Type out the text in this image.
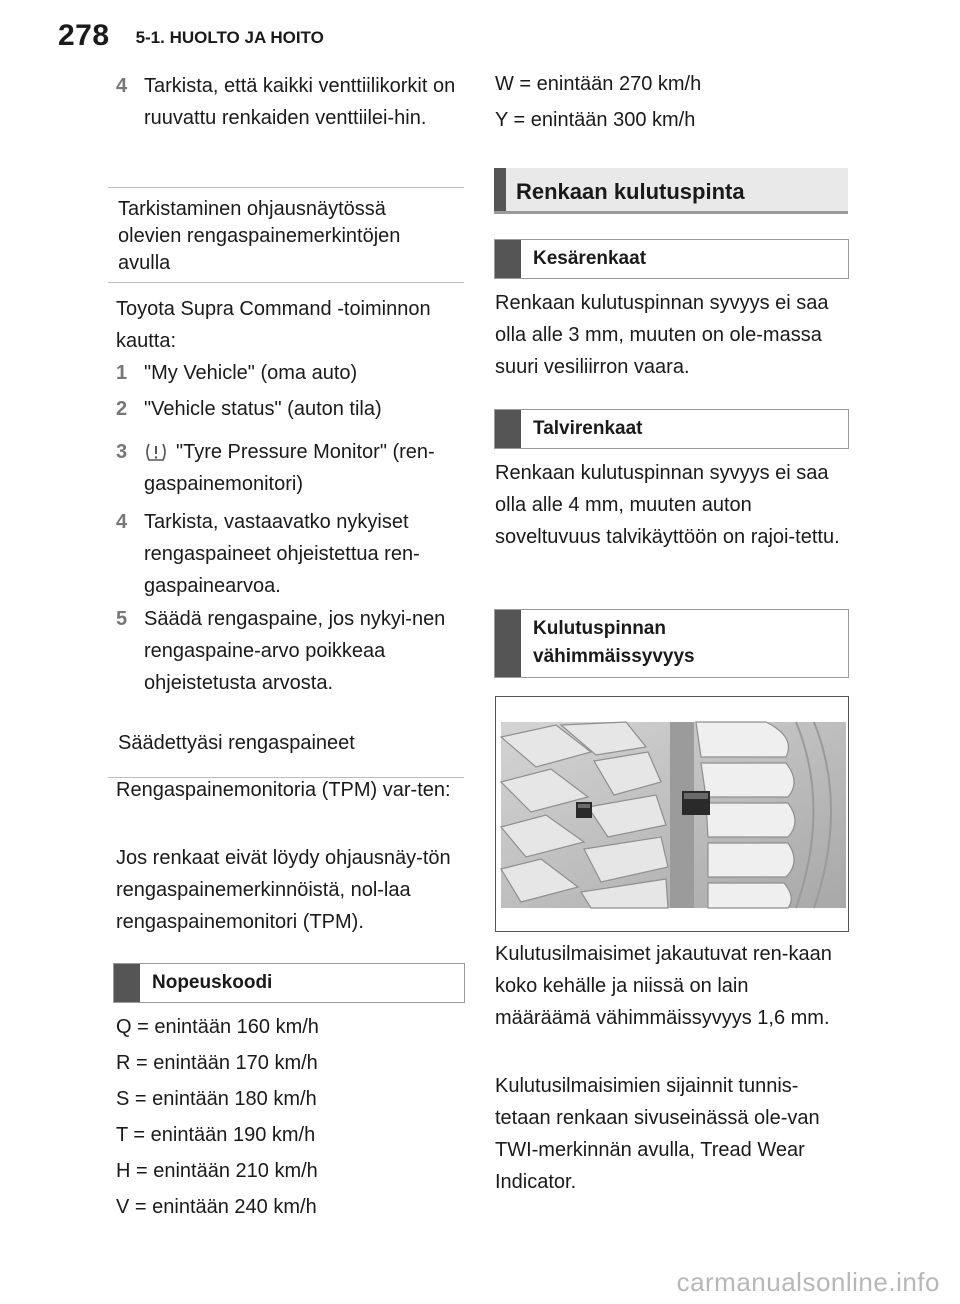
278 5-1. HUOLTO JA HOITO
4 Tarkista, että kaikki venttiilikorkit on ruuvattu renkaiden venttiilei-hin.
Tarkistaminen ohjausnäytössä olevien rengaspainemerkintöjen avulla
Toyota Supra Command -toiminnon kautta:
1 "My Vehicle" (oma auto)
2 "Vehicle status" (auton tila)
3	"Tyre Pressure Monitor" (ren-gaspainemonitori)
4 Tarkista, vastaavatko nykyiset rengaspaineet ohjeistettua ren-gaspainearvoa.
5 Säädä rengaspaine, jos nykyi-nen rengaspaine-arvo poikkeaa ohjeistetusta arvosta.
Säädettyäsi rengaspaineet
Rengaspainemonitoria (TPM) var-ten:
Jos renkaat eivät löydy ohjausnäy-tön rengaspainemerkinnöistä, nol-laa rengaspainemonitori (TPM).
Nopeuskoodi
Q = enintään 160 km/h
R = enintään 170 km/h
S = enintään 180 km/h
T = enintään 190 km/h
H = enintään 210 km/h
V = enintään 240 km/h
W = enintään 270 km/h
Y = enintään 300 km/h
Renkaan kulutuspinta
Kesärenkaat
Renkaan kulutuspinnan syvyys ei saa olla alle 3 mm, muuten on ole-massa suuri vesiliirron vaara.
Talvirenkaat
Renkaan kulutuspinnan syvyys ei saa olla alle 4 mm, muuten auton soveltuvuus talvikäyttöön on rajoi-tettu.
Kulutuspinnan vähimmäissyvyys
Kulutusilmaisimet jakautuvat ren-kaan koko kehälle ja niissä on lain määräämä vähimmäissyvyys 1,6 mm.
Kulutusilmaisimien sijainnit tunnis-tetaan renkaan sivuseinässä ole-van TWI-merkinnän avulla, Tread Wear Indicator.
carmanualsonline.info
